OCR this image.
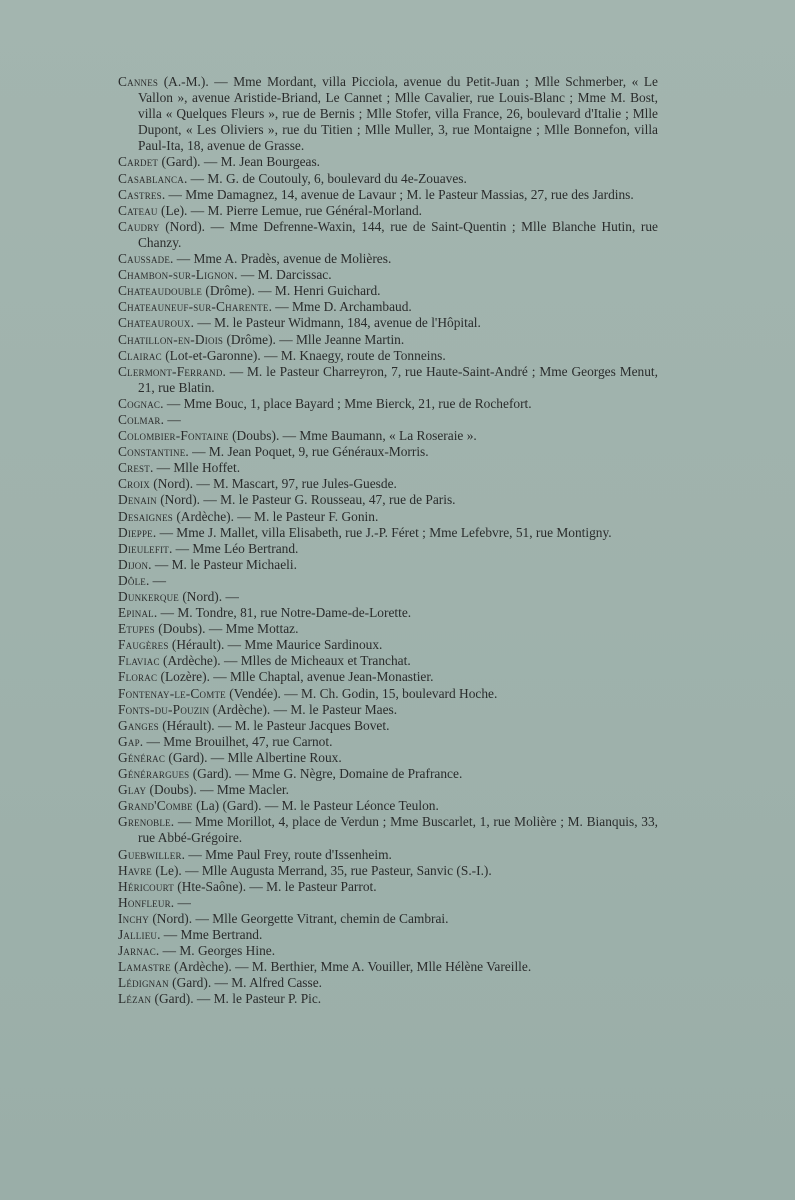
Cannes (A.-M.). — Mme Mordant, villa Picciola, avenue du Petit-Juan ; Mlle Schmerber, « Le Vallon », avenue Aristide-Briand, Le Cannet ; Mlle Cavalier, rue Louis-Blanc ; Mme M. Bost, villa « Quelques Fleurs », rue de Bernis ; Mlle Stofer, villa France, 26, boulevard d'Italie ; Mlle Dupont, « Les Oliviers », rue du Titien ; Mlle Muller, 3, rue Montaigne ; Mlle Bonnefon, villa Paul-Ita, 18, avenue de Grasse.
Cardet (Gard). — M. Jean Bourgeas.
Casablanca. — M. G. de Coutouly, 6, boulevard du 4e-Zouaves.
Castres. — Mme Damagnez, 14, avenue de Lavaur ; M. le Pasteur Massias, 27, rue des Jardins.
Cateau (Le). — M. Pierre Lemue, rue Général-Morland.
Caudry (Nord). — Mme Defrenne-Waxin, 144, rue de Saint-Quentin ; Mlle Blanche Hutin, rue Chanzy.
Caussade. — Mme A. Pradès, avenue de Molières.
Chambon-sur-Lignon. — M. Darcissac.
Chateaudouble (Drôme). — M. Henri Guichard.
Chateauneuf-sur-Charente. — Mme D. Archambaud.
Chateauroux. — M. le Pasteur Widmann, 184, avenue de l'Hôpital.
Chatillon-en-Diois (Drôme). — Mlle Jeanne Martin.
Clairac (Lot-et-Garonne). — M. Knaegy, route de Tonneins.
Clermont-Ferrand. — M. le Pasteur Charreyron, 7, rue Haute-Saint-André ; Mme Georges Menut, 21, rue Blatin.
Cognac. — Mme Bouc, 1, place Bayard ; Mme Bierck, 21, rue de Rochefort.
Colmar. —
Colombier-Fontaine (Doubs). — Mme Baumann, « La Roseraie ».
Constantine. — M. Jean Poquet, 9, rue Généraux-Morris.
Crest. — Mlle Hoffet.
Croix (Nord). — M. Mascart, 97, rue Jules-Guesde.
Denain (Nord). — M. le Pasteur G. Rousseau, 47, rue de Paris.
Desaignes (Ardèche). — M. le Pasteur F. Gonin.
Dieppe. — Mme J. Mallet, villa Elisabeth, rue J.-P. Féret ; Mme Lefebvre, 51, rue Montigny.
Dieulefit. — Mme Léo Bertrand.
Dijon. — M. le Pasteur Michaeli.
Dôle. —
Dunkerque (Nord). —
Epinal. — M. Tondre, 81, rue Notre-Dame-de-Lorette.
Etupes (Doubs). — Mme Mottaz.
Faugères (Hérault). — Mme Maurice Sardinoux.
Flaviac (Ardèche). — Mlles de Micheaux et Tranchat.
Florac (Lozère). — Mlle Chaptal, avenue Jean-Monastier.
Fontenay-le-Comte (Vendée). — M. Ch. Godin, 15, boulevard Hoche.
Fonts-du-Pouzin (Ardèche). — M. le Pasteur Maes.
Ganges (Hérault). — M. le Pasteur Jacques Bovet.
Gap. — Mme Brouilhet, 47, rue Carnot.
Générac (Gard). — Mlle Albertine Roux.
Générargues (Gard). — Mme G. Nègre, Domaine de Prafrance.
Glay (Doubs). — Mme Macler.
Grand'Combe (La) (Gard). — M. le Pasteur Léonce Teulon.
Grenoble. — Mme Morillot, 4, place de Verdun ; Mme Buscarlet, 1, rue Molière ; M. Bianquis, 33, rue Abbé-Grégoire.
Guebwiller. — Mme Paul Frey, route d'Issenheim.
Havre (Le). — Mlle Augusta Merrand, 35, rue Pasteur, Sanvic (S.-I.).
Héricourt (Hte-Saône). — M. le Pasteur Parrot.
Honfleur. —
Inchy (Nord). — Mlle Georgette Vitrant, chemin de Cambrai.
Jallieu. — Mme Bertrand.
Jarnac. — M. Georges Hine.
Lamastre (Ardèche). — M. Berthier, Mme A. Vouiller, Mlle Hélène Vareille.
Lédignan (Gard). — M. Alfred Casse.
Lézan (Gard). — M. le Pasteur P. Pic.
